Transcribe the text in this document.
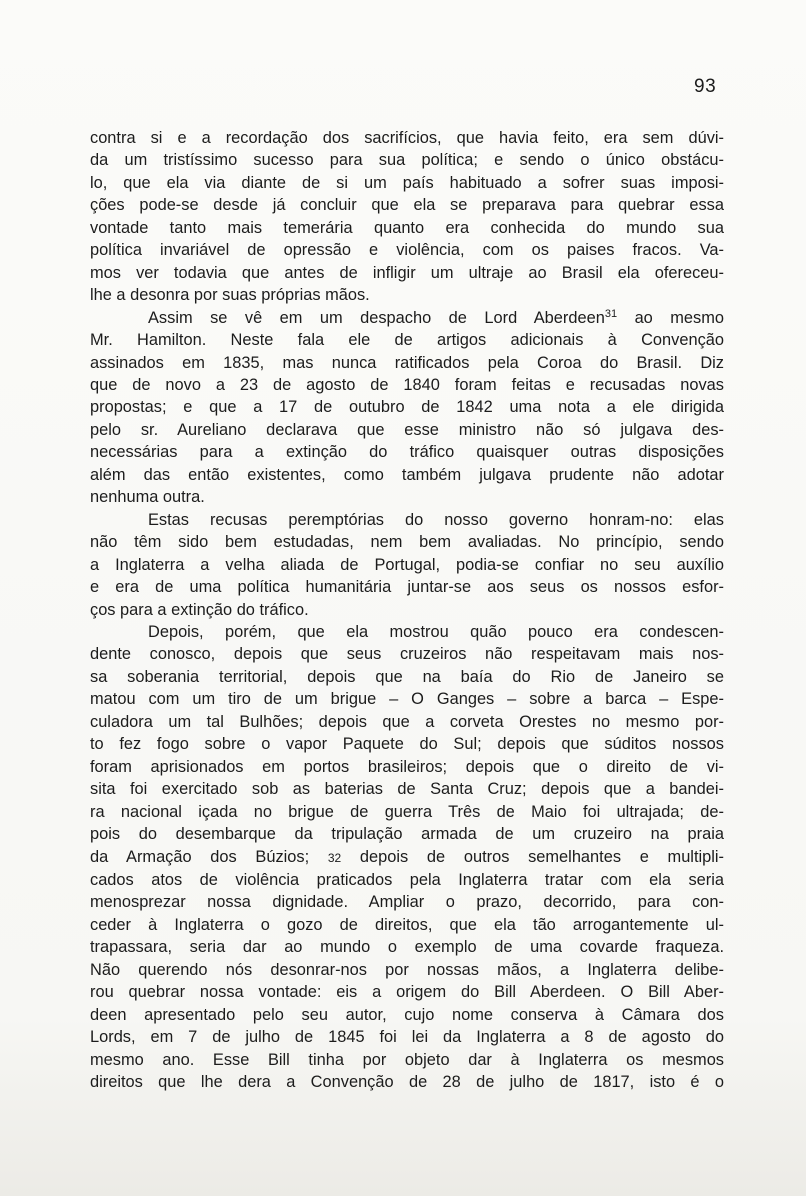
93
contra si e a recordação dos sacrifícios, que havia feito, era sem dúvi-
da um tristíssimo sucesso para sua política; e sendo o único obstácu-
lo, que ela via diante de si um país habituado a sofrer suas imposi-
ções pode-se desde já concluir que ela se preparava para quebrar essa
vontade tanto mais temerária quanto era conhecida do mundo sua
política invariável de opressão e violência, com os paises fracos. Va-
mos ver todavia que antes de infligir um ultraje ao Brasil ela ofereceu-
lhe a desonra por suas próprias mãos.
Assim se vê em um despacho de Lord Aberdeen$^{31}$ ao mesmo
Mr. Hamilton. Neste fala ele de artigos adicionais à Convenção
assinados em 1835, mas nunca ratificados pela Coroa do Brasil. Diz
que de novo a 23 de agosto de 1840 foram feitas e recusadas novas
propostas; e que a 17 de outubro de 1842 uma nota a ele dirigida
pelo sr. Aureliano declarava que esse ministro não só julgava des-
necessárias para a extinção do tráfico quaisquer outras disposições
além das então existentes, como também julgava prudente não adotar
nenhuma outra.
Estas recusas peremptórias do nosso governo honram-no: elas
não têm sido bem estudadas, nem bem avaliadas. No princípio, sendo
a Inglaterra a velha aliada de Portugal, podia-se confiar no seu auxílio
e era de uma política humanitária juntar-se aos seus os nossos esfor-
ços para a extinção do tráfico.
Depois, porém, que ela mostrou quão pouco era condescen-
dente conosco, depois que seus cruzeiros não respeitavam mais nos-
sa soberania territorial, depois que na baía do Rio de Janeiro se
matou com um tiro de um brigue – O Ganges – sobre a barca – Espe-
culadora um tal Bulhões; depois que a corveta Orestes no mesmo por-
to fez fogo sobre o vapor Paquete do Sul; depois que súditos nossos
foram aprisionados em portos brasileiros; depois que o direito de vi-
sita foi exercitado sob as baterias de Santa Cruz; depois que a bandei-
ra nacional içada no brigue de guerra Três de Maio foi ultrajada; de-
pois do desembarque da tripulação armada de um cruzeiro na praia
da Armação dos Búzios; 32 depois de outros semelhantes e multipli-
cados atos de violência praticados pela Inglaterra tratar com ela seria
menosprezar nossa dignidade. Ampliar o prazo, decorrido, para con-
ceder à Inglaterra o gozo de direitos, que ela tão arrogantemente ul-
trapassara, seria dar ao mundo o exemplo de uma covarde fraqueza.
Não querendo nós desonrar-nos por nossas mãos, a Inglaterra delibe-
rou quebrar nossa vontade: eis a origem do Bill Aberdeen. O Bill Aber-
deen apresentado pelo seu autor, cujo nome conserva à Câmara dos
Lords, em 7 de julho de 1845 foi lei da Inglaterra a 8 de agosto do
mesmo ano. Esse Bill tinha por objeto dar à Inglaterra os mesmos
direitos que lhe dera a Convenção de 28 de julho de 1817, isto é o
